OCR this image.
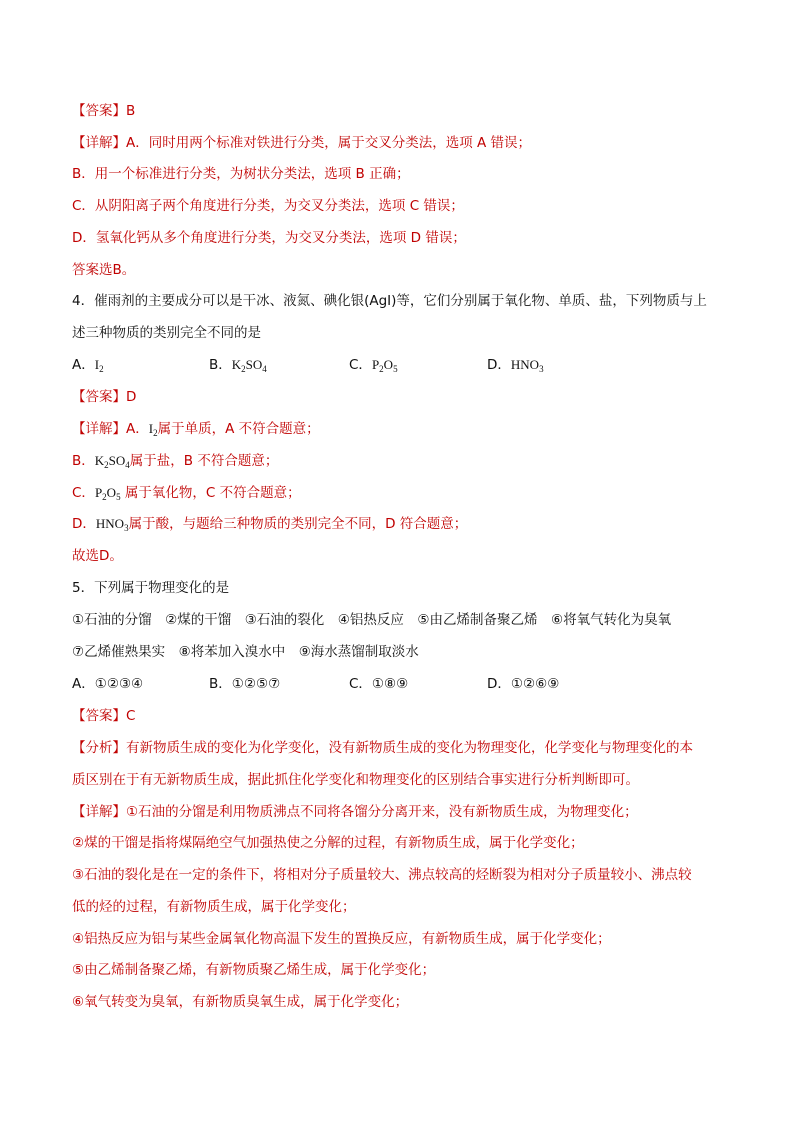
【答案】B
【详解】A．同时用两个标准对铁进行分类，属于交叉分类法，选项 A 错误；
B．用一个标准进行分类，为树状分类法，选项 B 正确；
C．从阴阳离子两个角度进行分类，为交叉分类法，选项 C 错误；
D．氢氧化钙从多个角度进行分类，为交叉分类法，选项 D 错误；
答案选B。
4．催雨剂的主要成分可以是干冰、液氮、碘化银(AgI)等，它们分别属于氧化物、单质、盐，下列物质与上
述三种物质的类别完全不同的是
A．$I_2$	B．$K_2SO_4$	C．$P_2O_5$	D．$HNO_3$
【答案】D
【详解】A．$I_2$属于单质，A 不符合题意；
B．$K_2SO_4$属于盐，B 不符合题意；
C．$P_2O_5$ 属于氧化物，C 不符合题意；
D．$HNO_3$属于酸，与题给三种物质的类别完全不同，D 符合题意；
故选D。
5．下列属于物理变化的是
①石油的分馏　②煤的干馏　③石油的裂化　④铝热反应　⑤由乙烯制备聚乙烯　⑥将氧气转化为臭氧
⑦乙烯催熟果实　⑧将苯加入溴水中　⑨海水蒸馏制取淡水
A．①②③④	B．①②⑤⑦	C．①⑧⑨	D．①②⑥⑨
【答案】C
【分析】有新物质生成的变化为化学变化，没有新物质生成的变化为物理变化，化学变化与物理变化的本
质区别在于有无新物质生成，据此抓住化学变化和物理变化的区别结合事实进行分析判断即可。
【详解】①石油的分馏是利用物质沸点不同将各馏分分离开来，没有新物质生成，为物理变化；
②煤的干馏是指将煤隔绝空气加强热使之分解的过程，有新物质生成，属于化学变化；
③石油的裂化是在一定的条件下，将相对分子质量较大、沸点较高的烃断裂为相对分子质量较小、沸点较
低的烃的过程，有新物质生成，属于化学变化；
④铝热反应为铝与某些金属氧化物高温下发生的置换反应，有新物质生成，属于化学变化；
⑤由乙烯制备聚乙烯，有新物质聚乙烯生成，属于化学变化；
⑥氧气转变为臭氧，有新物质臭氧生成，属于化学变化；
